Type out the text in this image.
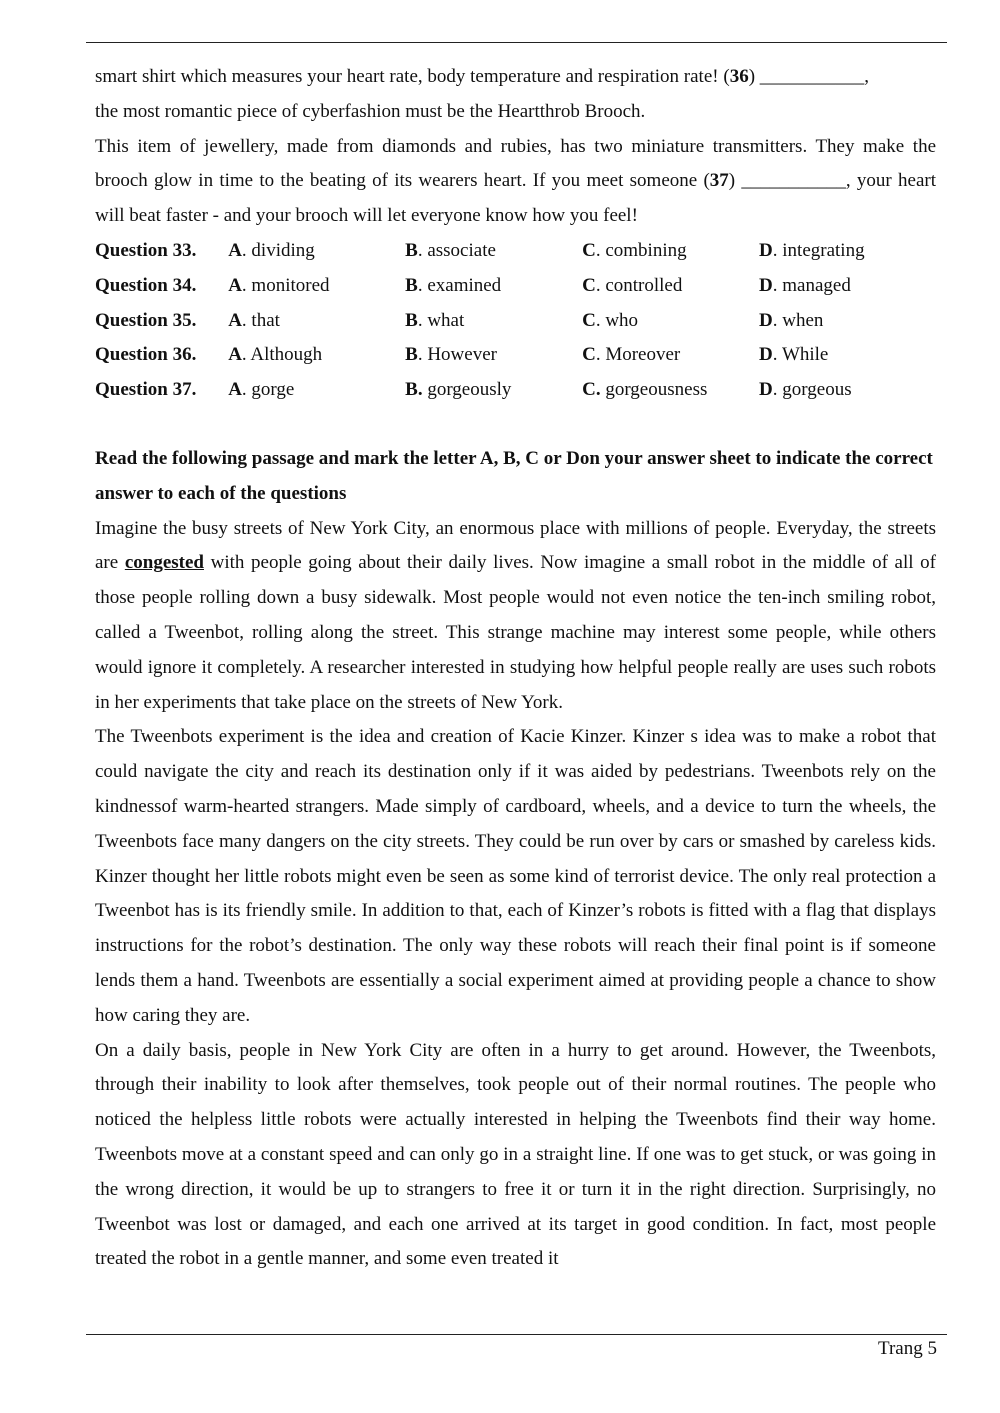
smart shirt which measures your heart rate, body temperature and respiration rate! (36) ___________,

the most romantic piece of cyberfashion must be the Heartthrob Brooch.

This item of jewellery, made from diamonds and rubies, has two miniature transmitters. They make the brooch glow in time to the beating of its wearers heart. If you meet someone (37) ___________, your heart will beat faster - and your brooch will let everyone know how you feel!

Question 33.	A. dividing	B. associate	C. combining	D. integrating
Question 34.	A. monitored	B. examined	C. controlled	D. managed
Question 35.	A. that	B. what	C. who	D. when
Question 36.	A. Although	B. However	C. Moreover	D. While
Question 37.	A. gorge	B. gorgeously	C. gorgeousness	D. gorgeous

Read the following passage and mark the letter A, B, C or Don your answer sheet to indicate the correct answer to each of the questions

Imagine the busy streets of New York City, an enormous place with millions of people. Everyday, the streets are congested with people going about their daily lives. Now imagine a small robot in the middle of all of those people rolling down a busy sidewalk. Most people would not even notice the ten-inch smiling robot, called a Tweenbot, rolling along the street. This strange machine may interest some people, while others would ignore it completely. A researcher interested in studying how helpful people really are uses such robots in her experiments that take place on the streets of New York.

The Tweenbots experiment is the idea and creation of Kacie Kinzer. Kinzer s idea was to make a robot that could navigate the city and reach its destination only if it was aided by pedestrians. Tweenbots rely on the kindnessof warm-hearted strangers. Made simply of cardboard, wheels, and a device to turn the wheels, the Tweenbots face many dangers on the city streets. They could be run over by cars or smashed by careless kids. Kinzer thought her little robots might even be seen as some kind of terrorist device. The only real protection a Tweenbot has is its friendly smile. In addition to that, each of Kinzer’s robots is fitted with a flag that displays instructions for the robot’s destination. The only way these robots will reach their final point is if someone lends them a hand. Tweenbots are essentially a social experiment aimed at providing people a chance to show how caring they are.

On a daily basis, people in New York City are often in a hurry to get around. However, the Tweenbots, through their inability to look after themselves, took people out of their normal routines. The people who noticed the helpless little robots were actually interested in helping the Tweenbots find their way home. Tweenbots move at a constant speed and can only go in a straight line. If one was to get stuck, or was going in the wrong direction, it would be up to strangers to free it or turn it in the right direction. Surprisingly, no Tweenbot was lost or damaged, and each one arrived at its target in good condition. In fact, most people treated the robot in a gentle manner, and some even treated it

Trang 5
